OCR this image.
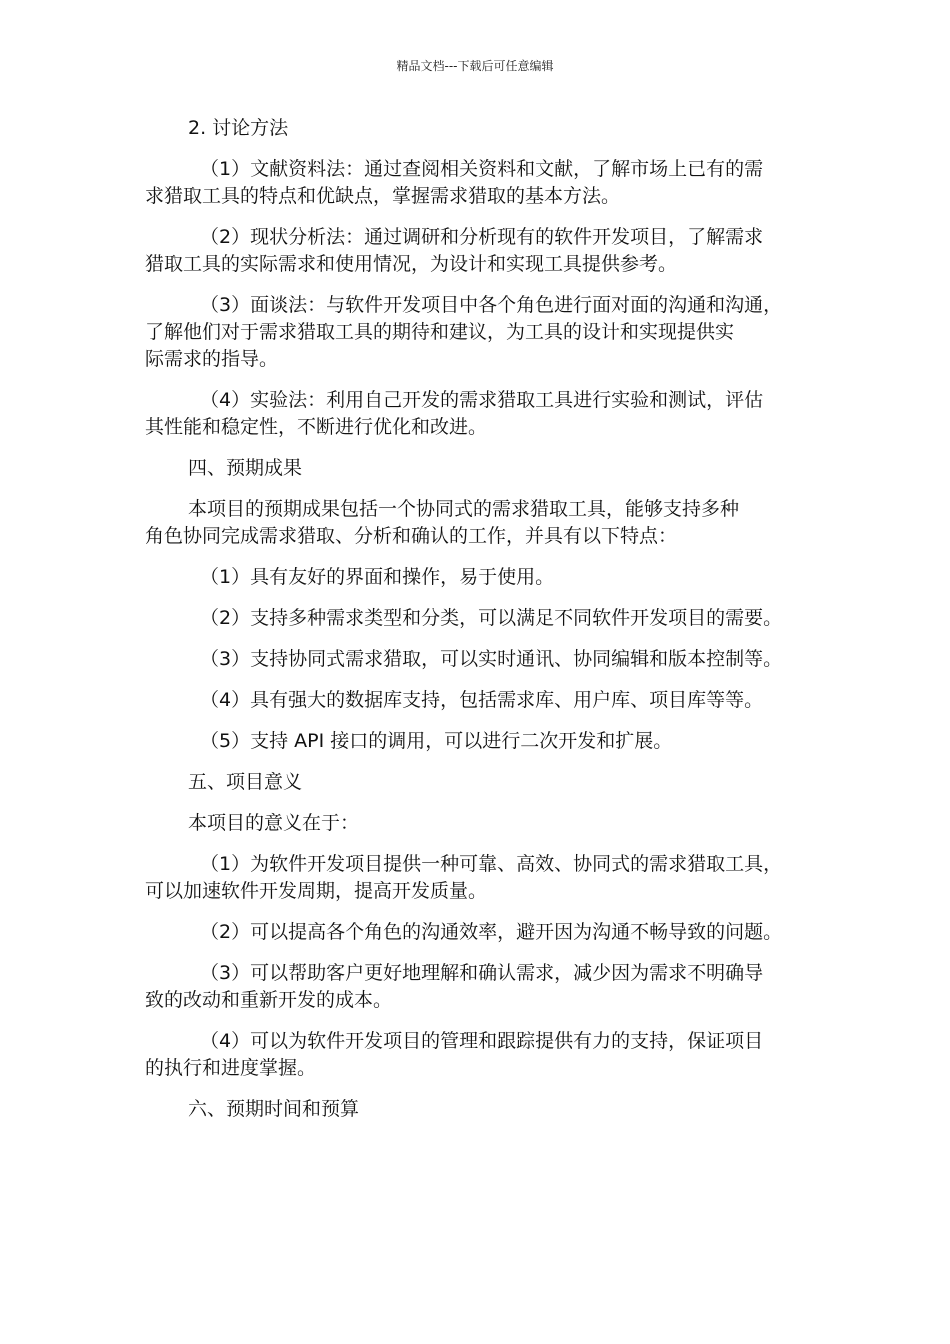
精品文档---下载后可任意编辑
2. 讨论方法
（1）文献资料法：通过查阅相关资料和文献，了解市场上已有的需
求猎取工具的特点和优缺点，掌握需求猎取的基本方法。
（2）现状分析法：通过调研和分析现有的软件开发项目，了解需求
猎取工具的实际需求和使用情况，为设计和实现工具提供参考。
（3）面谈法：与软件开发项目中各个角色进行面对面的沟通和沟通，
了解他们对于需求猎取工具的期待和建议，为工具的设计和实现提供实
际需求的指导。
（4）实验法：利用自己开发的需求猎取工具进行实验和测试，评估
其性能和稳定性，不断进行优化和改进。
四、预期成果
本项目的预期成果包括一个协同式的需求猎取工具，能够支持多种
角色协同完成需求猎取、分析和确认的工作，并具有以下特点：
（1）具有友好的界面和操作，易于使用。
（2）支持多种需求类型和分类，可以满足不同软件开发项目的需要。
（3）支持协同式需求猎取，可以实时通讯、协同编辑和版本控制等。
（4）具有强大的数据库支持，包括需求库、用户库、项目库等等。
（5）支持 API 接口的调用，可以进行二次开发和扩展。
五、项目意义
本项目的意义在于：
（1）为软件开发项目提供一种可靠、高效、协同式的需求猎取工具，
可以加速软件开发周期，提高开发质量。
（2）可以提高各个角色的沟通效率，避开因为沟通不畅导致的问题。
（3）可以帮助客户更好地理解和确认需求，减少因为需求不明确导
致的改动和重新开发的成本。
（4）可以为软件开发项目的管理和跟踪提供有力的支持，保证项目
的执行和进度掌握。
六、预期时间和预算
